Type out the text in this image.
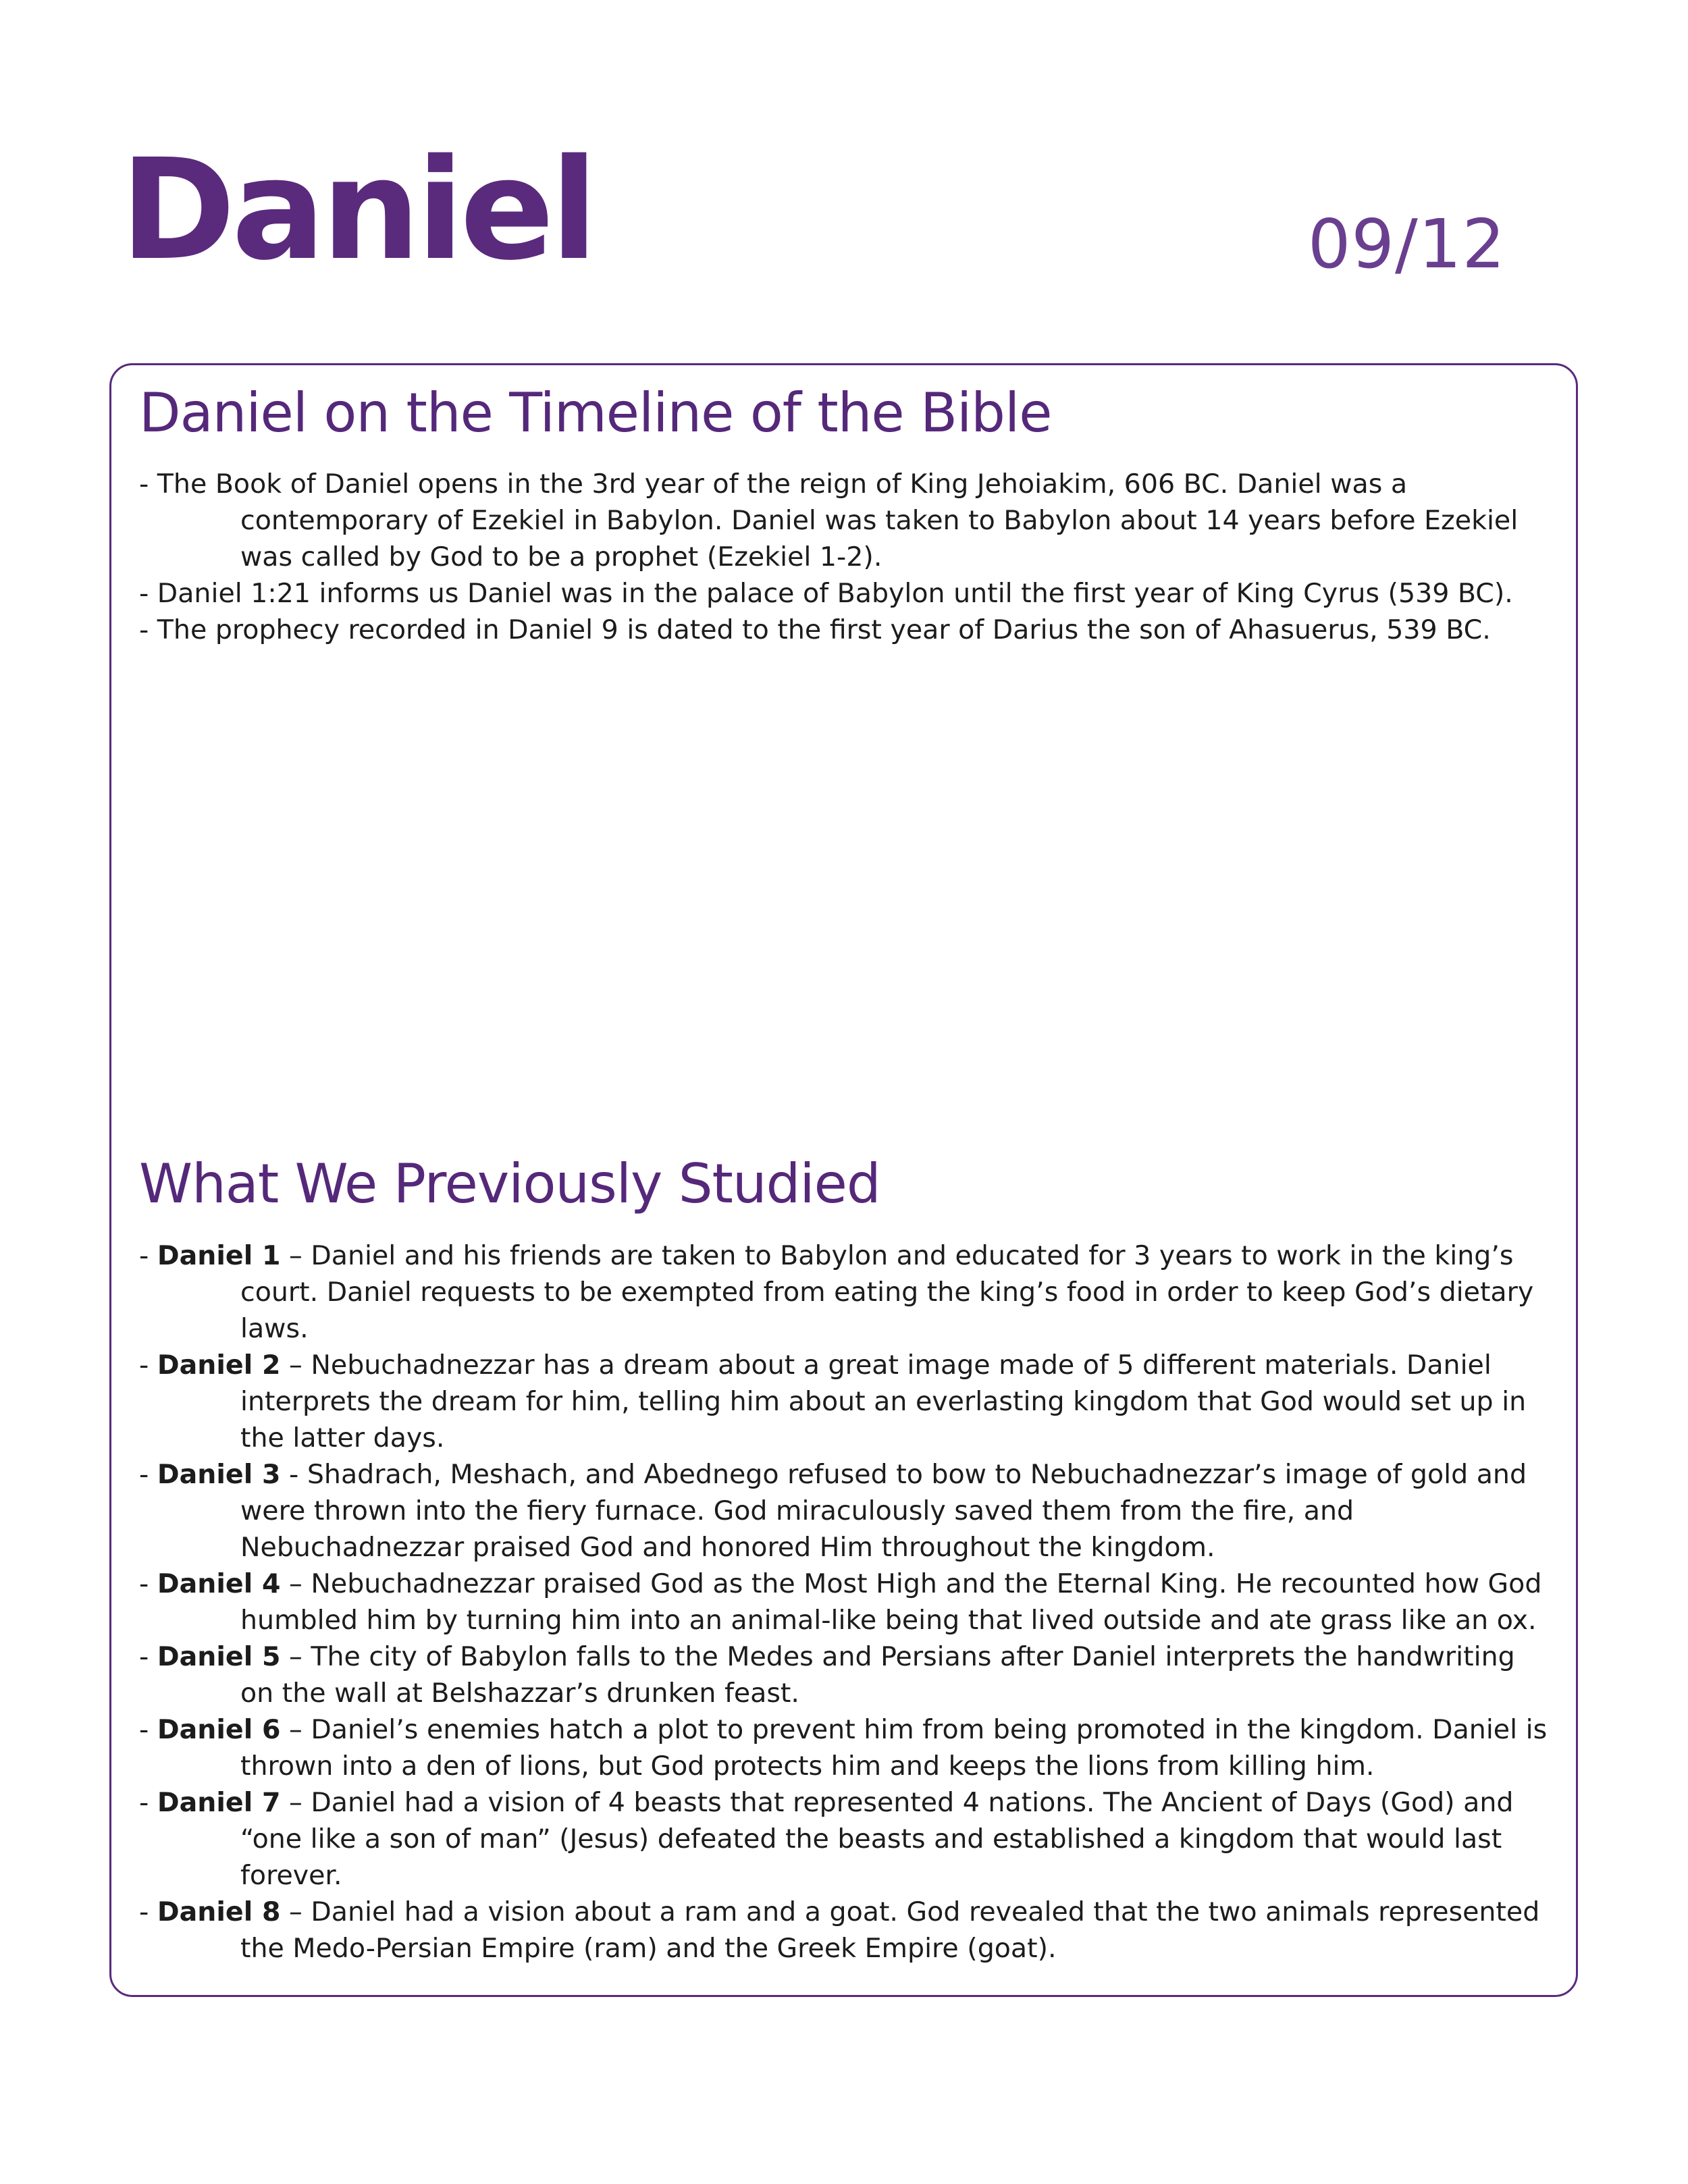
Daniel	09/12
Daniel on the Timeline of the Bible
- The Book of Daniel opens in the 3rd year of the reign of King Jehoiakim, 606 BC. Daniel was a contemporary of Ezekiel in Babylon. Daniel was taken to Babylon about 14 years before Ezekiel was called by God to be a prophet (Ezekiel 1-2).
- Daniel 1:21 informs us Daniel was in the palace of Babylon until the first year of King Cyrus (539 BC).
- The prophecy recorded in Daniel 9 is dated to the first year of Darius the son of Ahasuerus, 539 BC.
What We Previously Studied
- Daniel 1 – Daniel and his friends are taken to Babylon and educated for 3 years to work in the king’s court. Daniel requests to be exempted from eating the king’s food in order to keep God’s dietary laws.
- Daniel 2 – Nebuchadnezzar has a dream about a great image made of 5 different materials. Daniel interprets the dream for him, telling him about an everlasting kingdom that God would set up in the latter days.
- Daniel 3 - Shadrach, Meshach, and Abednego refused to bow to Nebuchadnezzar’s image of gold and were thrown into the fiery furnace. God miraculously saved them from the fire, and Nebuchadnezzar praised God and honored Him throughout the kingdom.
- Daniel 4 – Nebuchadnezzar praised God as the Most High and the Eternal King. He recounted how God humbled him by turning him into an animal-like being that lived outside and ate grass like an ox.
- Daniel 5 – The city of Babylon falls to the Medes and Persians after Daniel interprets the handwriting on the wall at Belshazzar’s drunken feast.
- Daniel 6 – Daniel’s enemies hatch a plot to prevent him from being promoted in the kingdom. Daniel is thrown into a den of lions, but God protects him and keeps the lions from killing him.
- Daniel 7 – Daniel had a vision of 4 beasts that represented 4 nations. The Ancient of Days (God) and “one like a son of man” (Jesus) defeated the beasts and established a kingdom that would last forever.
- Daniel 8 – Daniel had a vision about a ram and a goat. God revealed that the two animals represented the Medo-Persian Empire (ram) and the Greek Empire (goat).
